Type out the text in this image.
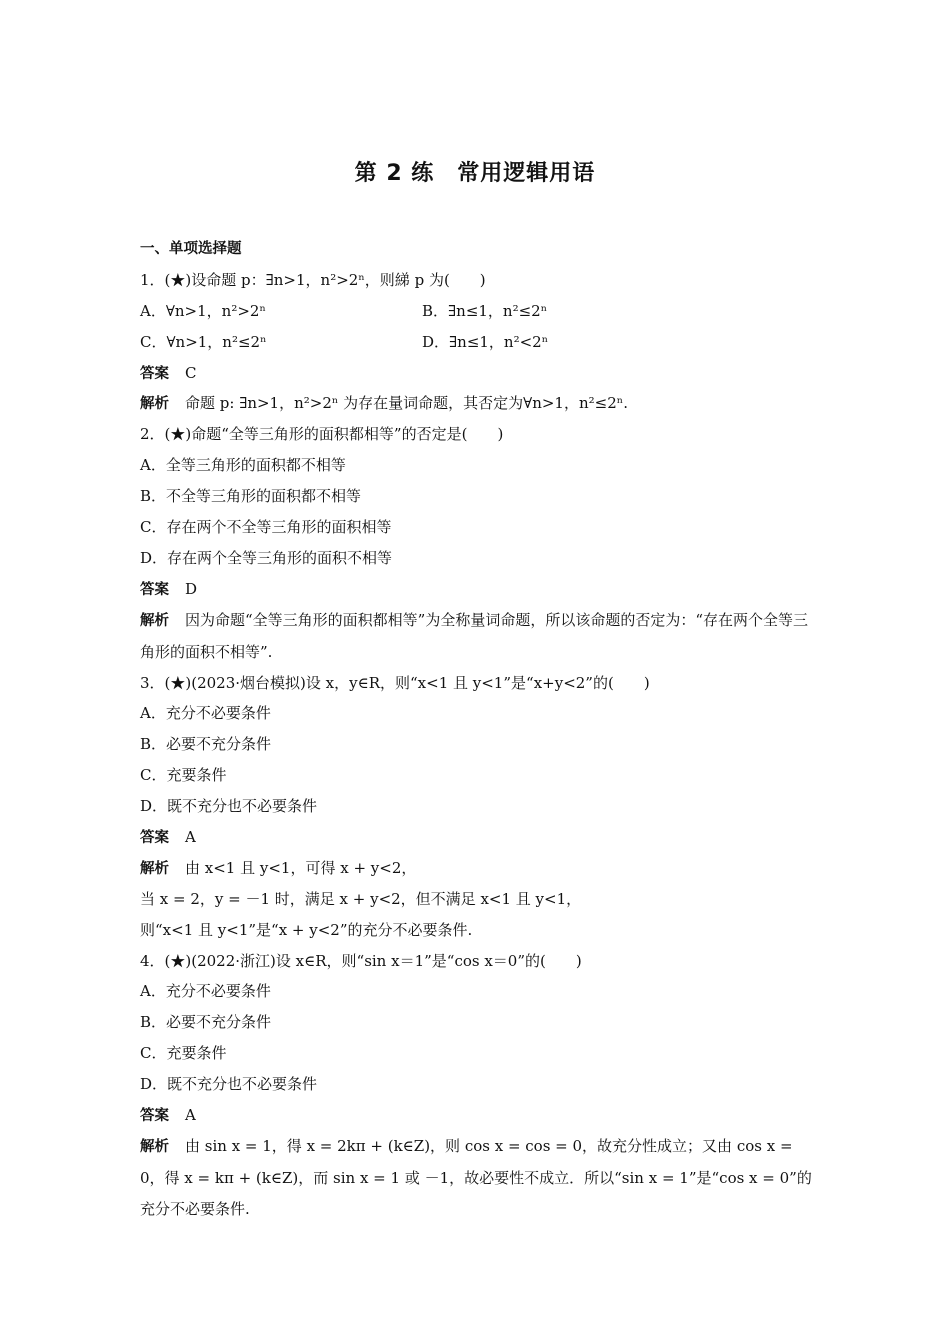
第 2 练　常用逻辑用语
一、单项选择题
1．(★)设命题 p：∃n>1，n²>2ⁿ，则綈 p 为(　　)
A．∀n>1，n²>2ⁿ	B．∃n≤1，n²≤2ⁿ
C．∀n>1，n²≤2ⁿ	D．∃n≤1，n²<2ⁿ
答案 C
解析 命题 p: ∃n>1，n²>2ⁿ 为存在量词命题，其否定为∀n>1，n²≤2ⁿ.
2．(★)命题“全等三角形的面积都相等”的否定是(　　)
A．全等三角形的面积都不相等
B．不全等三角形的面积都不相等
C．存在两个不全等三角形的面积相等
D．存在两个全等三角形的面积不相等
答案 D
解析 因为命题“全等三角形的面积都相等”为全称量词命题，所以该命题的否定为：“存在两个全等三角形的面积不相等”.
3．(★)(2023·烟台模拟)设 x，y∈R，则“x<1 且 y<1”是“x+y<2”的(　　)
A．充分不必要条件
B．必要不充分条件
C．充要条件
D．既不充分也不必要条件
答案 A
解析 由 x<1 且 y<1，可得 x + y<2，
当 x = 2，y = －1 时，满足 x + y<2，但不满足 x<1 且 y<1，
则“x<1 且 y<1”是“x + y<2”的充分不必要条件.
4．(★)(2022·浙江)设 x∈R，则“sin x＝1”是“cos x＝0”的(　　)
A．充分不必要条件
B．必要不充分条件
C．充要条件
D．既不充分也不必要条件
答案 A
解析 由 sin x = 1，得 x = 2kπ + (k∈Z)，则 cos x = cos = 0，故充分性成立；又由 cos x = 0，得 x = kπ + (k∈Z)，而 sin x = 1 或 －1，故必要性不成立．所以“sin x = 1”是“cos x = 0”的充分不必要条件.
